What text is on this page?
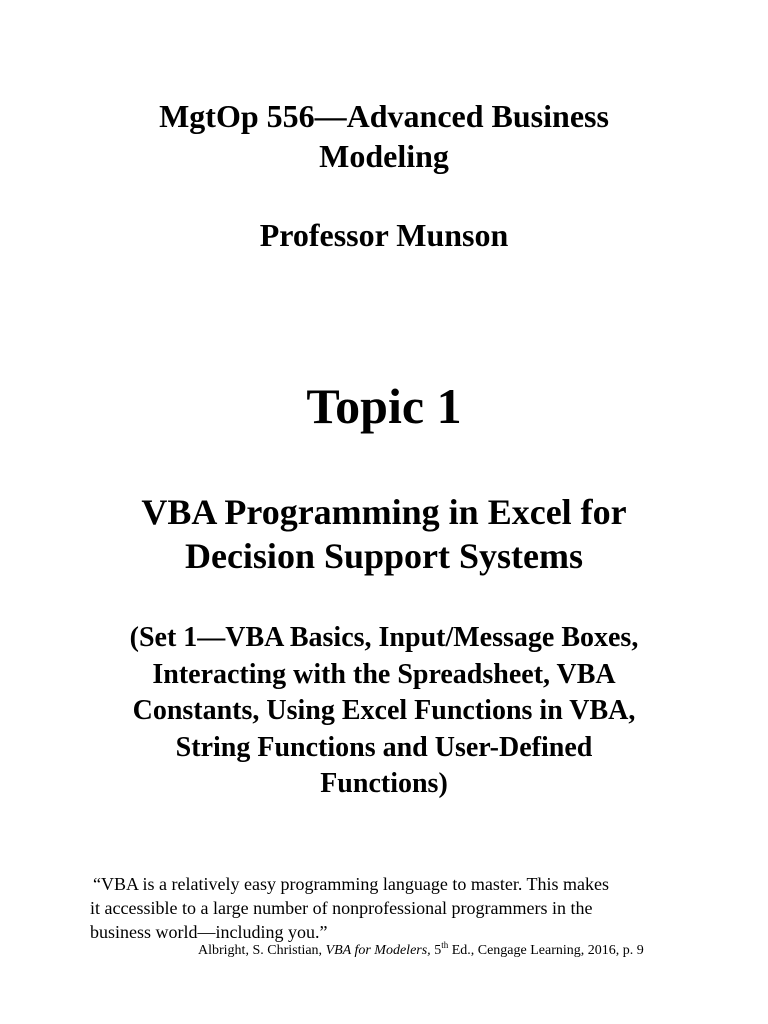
MgtOp 556—Advanced Business
Modeling
Professor Munson
Topic 1
VBA Programming in Excel for
Decision Support Systems
(Set 1—VBA Basics, Input/Message Boxes,
Interacting with the Spreadsheet, VBA
Constants, Using Excel Functions in VBA,
String Functions and User-Defined
Functions)
“VBA is a relatively easy programming language to master. This makes
it accessible to a large number of nonprofessional programmers in the
business world—including you.”
Albright, S. Christian, VBA for Modelers, 5th Ed., Cengage Learning, 2016, p. 9
